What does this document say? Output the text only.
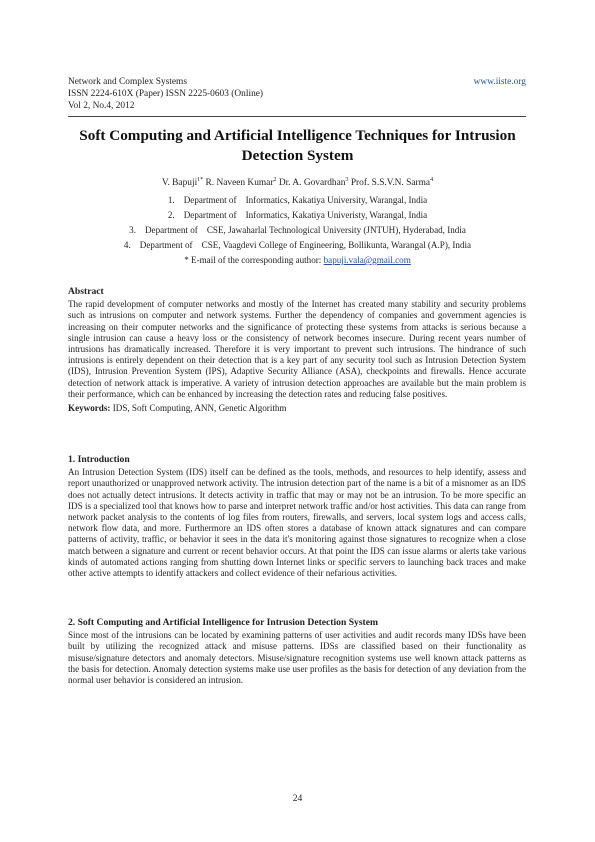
Network and Complex Systems
ISSN 2224-610X (Paper) ISSN 2225-0603 (Online)
Vol 2, No.4, 2012
www.iiste.org
Soft Computing and Artificial Intelligence Techniques for Intrusion Detection System
V. Bapuji$^{1*}$ R. Naveen Kumar$^2$ Dr. A. Govardhan$^3$ Prof. S.S.V.N. Sarma$^4$
1.    Department of    Informatics, Kakatiya University, Warangal, India
2.    Department of    Informatics, Kakatiya Univeristy, Warangal, India
3.    Department of    CSE, Jawaharlal Technological University (JNTUH), Hyderabad, India
4.    Department of    CSE, Vaagdevi College of Engineering, Bollikunta, Warangal (A.P), India
* E-mail of the corresponding author: bapuji.vala@gmail.com
Abstract
The rapid development of computer networks and mostly of the Internet has created many stability and security problems such as intrusions on computer and network systems. Further the dependency of companies and government agencies is increasing on their computer networks and the significance of protecting these systems from attacks is serious because a single intrusion can cause a heavy loss or the consistency of network becomes insecure. During recent years number of intrusions has dramatically increased. Therefore it is very important to prevent such intrusions. The hindrance of such intrusions is entirely dependent on their detection that is a key part of any security tool such as Intrusion Detection System (IDS), Intrusion Prevention System (IPS), Adaptive Security Alliance (ASA), checkpoints and firewalls. Hence accurate detection of network attack is imperative. A variety of intrusion detection approaches are available but the main problem is their performance, which can be enhanced by increasing the detection rates and reducing false positives.
Keywords: IDS, Soft Computing, ANN, Genetic Algorithm
1. Introduction
An Intrusion Detection System (IDS) itself can be defined as the tools, methods, and resources to help identify, assess and report unauthorized or unapproved network activity. The intrusion detection part of the name is a bit of a misnomer as an IDS does not actually detect intrusions. It detects activity in traffic that may or may not be an intrusion. To be more specific an IDS is a specialized tool that knows how to parse and interpret network traffic and/or host activities. This data can range from network packet analysis to the contents of log files from routers, firewalls, and servers, local system logs and access calls, network flow data, and more. Furthermore an IDS often stores a database of known attack signatures and can compare patterns of activity, traffic, or behavior it sees in the data it's monitoring against those signatures to recognize when a close match between a signature and current or recent behavior occurs. At that point the IDS can issue alarms or alerts take various kinds of automated actions ranging from shutting down Internet links or specific servers to launching back traces and make other active attempts to identify attackers and collect evidence of their nefarious activities.
2. Soft Computing and Artificial Intelligence for Intrusion Detection System
Since most of the intrusions can be located by examining patterns of user activities and audit records many IDSs have been built by utilizing the recognized attack and misuse patterns. IDSs are classified based on their functionality as misuse/signature detectors and anomaly detectors. Misuse/signature recognition systems use well known attack patterns as the basis for detection. Anomaly detection systems make use user profiles as the basis for detection of any deviation from the normal user behavior is considered an intrusion.
24
